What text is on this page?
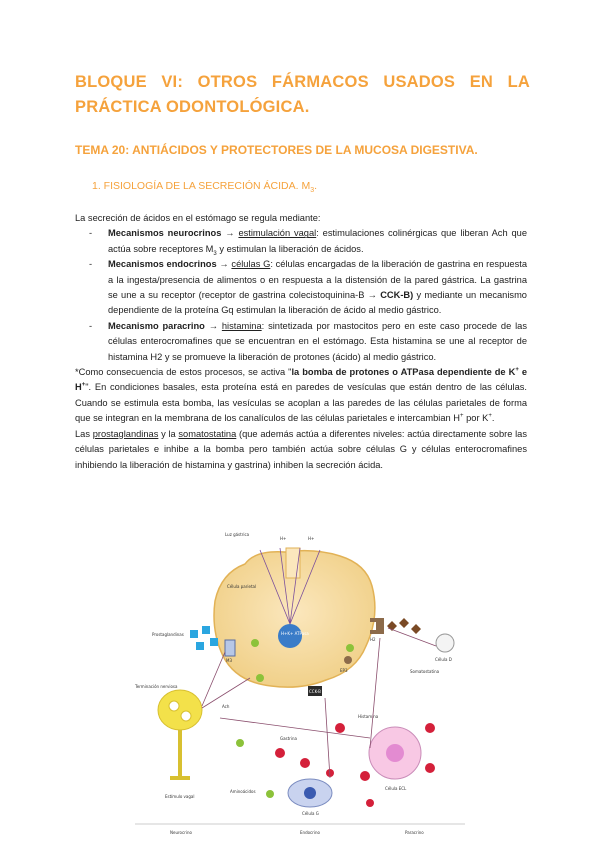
BLOQUE VI: OTROS FÁRMACOS USADOS EN LA PRÁCTICA ODONTOLÓGICA.
TEMA 20: ANTIÁCIDOS Y PROTECTORES DE LA MUCOSA DIGESTIVA.
1. FISIOLOGÍA DE LA SECRECIÓN ÁCIDA. $M_3$.

La secreción de ácidos en el estómago se regula mediante:

- Mecanismos neurocrinos → estimulación vagal: estimulaciones colinérgicas que liberan Ach que actúa sobre receptores $M_3$ y estimulan la liberación de ácidos.
- Mecanismos endocrinos → células G: células encargadas de la liberación de gastrina en respuesta a la ingesta/presencia de alimentos o en respuesta a la distensión de la pared gástrica. La gastrina se une a su receptor (receptor de gastrina colecistoquinina-B → CCK-B) y mediante un mecanismo dependiente de la proteína Gq estimulan la liberación de ácido al medio gástrico.
- Mecanismo paracrino → histamina: sintetizada por mastocitos pero en este caso procede de las células enterocromafines que se encuentran en el estómago. Esta histamina se une al receptor de histamina H2 y se promueve la liberación de protones (ácido) al medio gástrico.

*Como consecuencia de estos procesos, se activa "la bomba de protones o ATPasa dependiente de K+ e H+". En condiciones basales, esta proteína está en paredes de vesículas que están dentro de las células. Cuando se estimula esta bomba, las vesículas se acoplan a las paredes de las células parietales de forma que se integran en la membrana de los canalículos de las células parietales e intercambian H+ por K+.

Las prostaglandinas y la somatostatina (que además actúa a diferentes niveles: actúa directamente sobre las células parietales e inhibe a la bomba pero también actúa sobre células G y células enterocromafines inhibiendo la liberación de histamina y gastrina) inhiben la secreción ácida.

H+K+ ATPasa
Célula parietal
H+	H+
Luz gástrica
M3
CCK-B
H2
EP3
Prostaglandinas
Célula D
Somatostatina
Terminación nerviosa
Estímulo vagal
Ach
Célula ECL
Histamina
Célula G
Gastrina
Aminoácidos
Neurocrino	Endocrino	Paracrino
